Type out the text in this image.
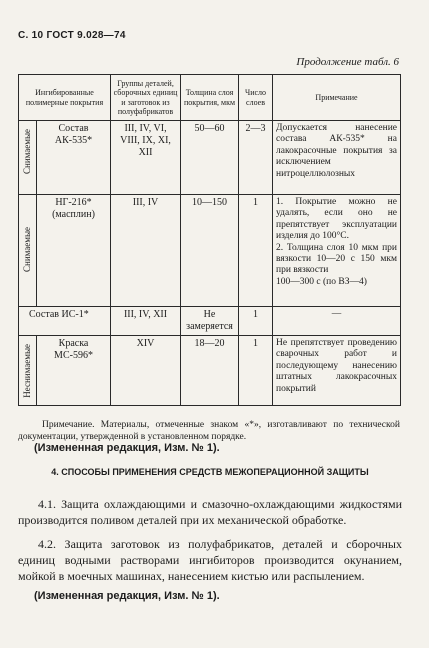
С. 10 ГОСТ 9.028—74
Продолжение табл. 6
Ингибированные полимерные покрытия		Группы деталей, сборочных единиц и заготовок из полуфабрикатов	Толщина слоя покрытия, мкм	Число слоев	Примечание

Снимаемые	Состав АК-535*	III, IV, VI, VIII, IX, XI, XII	50—60	2—3	Допускается нанесение состава АК-535* на лакокрасочные покрытия за исключением нитроцеллюлозных

Снимаемые	НГ-216* (масплин)	III, IV	10—150	1	1. Покрытие можно не удалять, если оно не препятствует эксплуатации изделия до 100°С.
2. Толщина слоя 10 мкм при вязкости 10—20 с 150 мкм при вязкости
100—300 с (по ВЗ—4)
Состав ИС-1*		III, IV, XII	Не замеряется	1	—

Неснимаемые	Краска МС-596*	XIV	18—20	1	Не препятствует проведению сварочных работ и последующему нанесению штатных лакокрасочных покрытий
Примечание. Материалы, отмеченные знаком «*», изготавливают по технической документации, утвержденной в установленном порядке.
(Измененная редакция, Изм. № 1).
4. СПОСОБЫ ПРИМЕНЕНИЯ СРЕДСТВ МЕЖОПЕРАЦИОННОЙ ЗАЩИТЫ
4.1. Защита охлаждающими и смазочно-охлаждающими жидкостями производится поливом деталей при их механической обработке.
4.2. Защита заготовок из полуфабрикатов, деталей и сборочных единиц водными растворами ингибиторов производится окунанием, мойкой в моечных машинах, нанесением кистью или распылением.
(Измененная редакция, Изм. № 1).
